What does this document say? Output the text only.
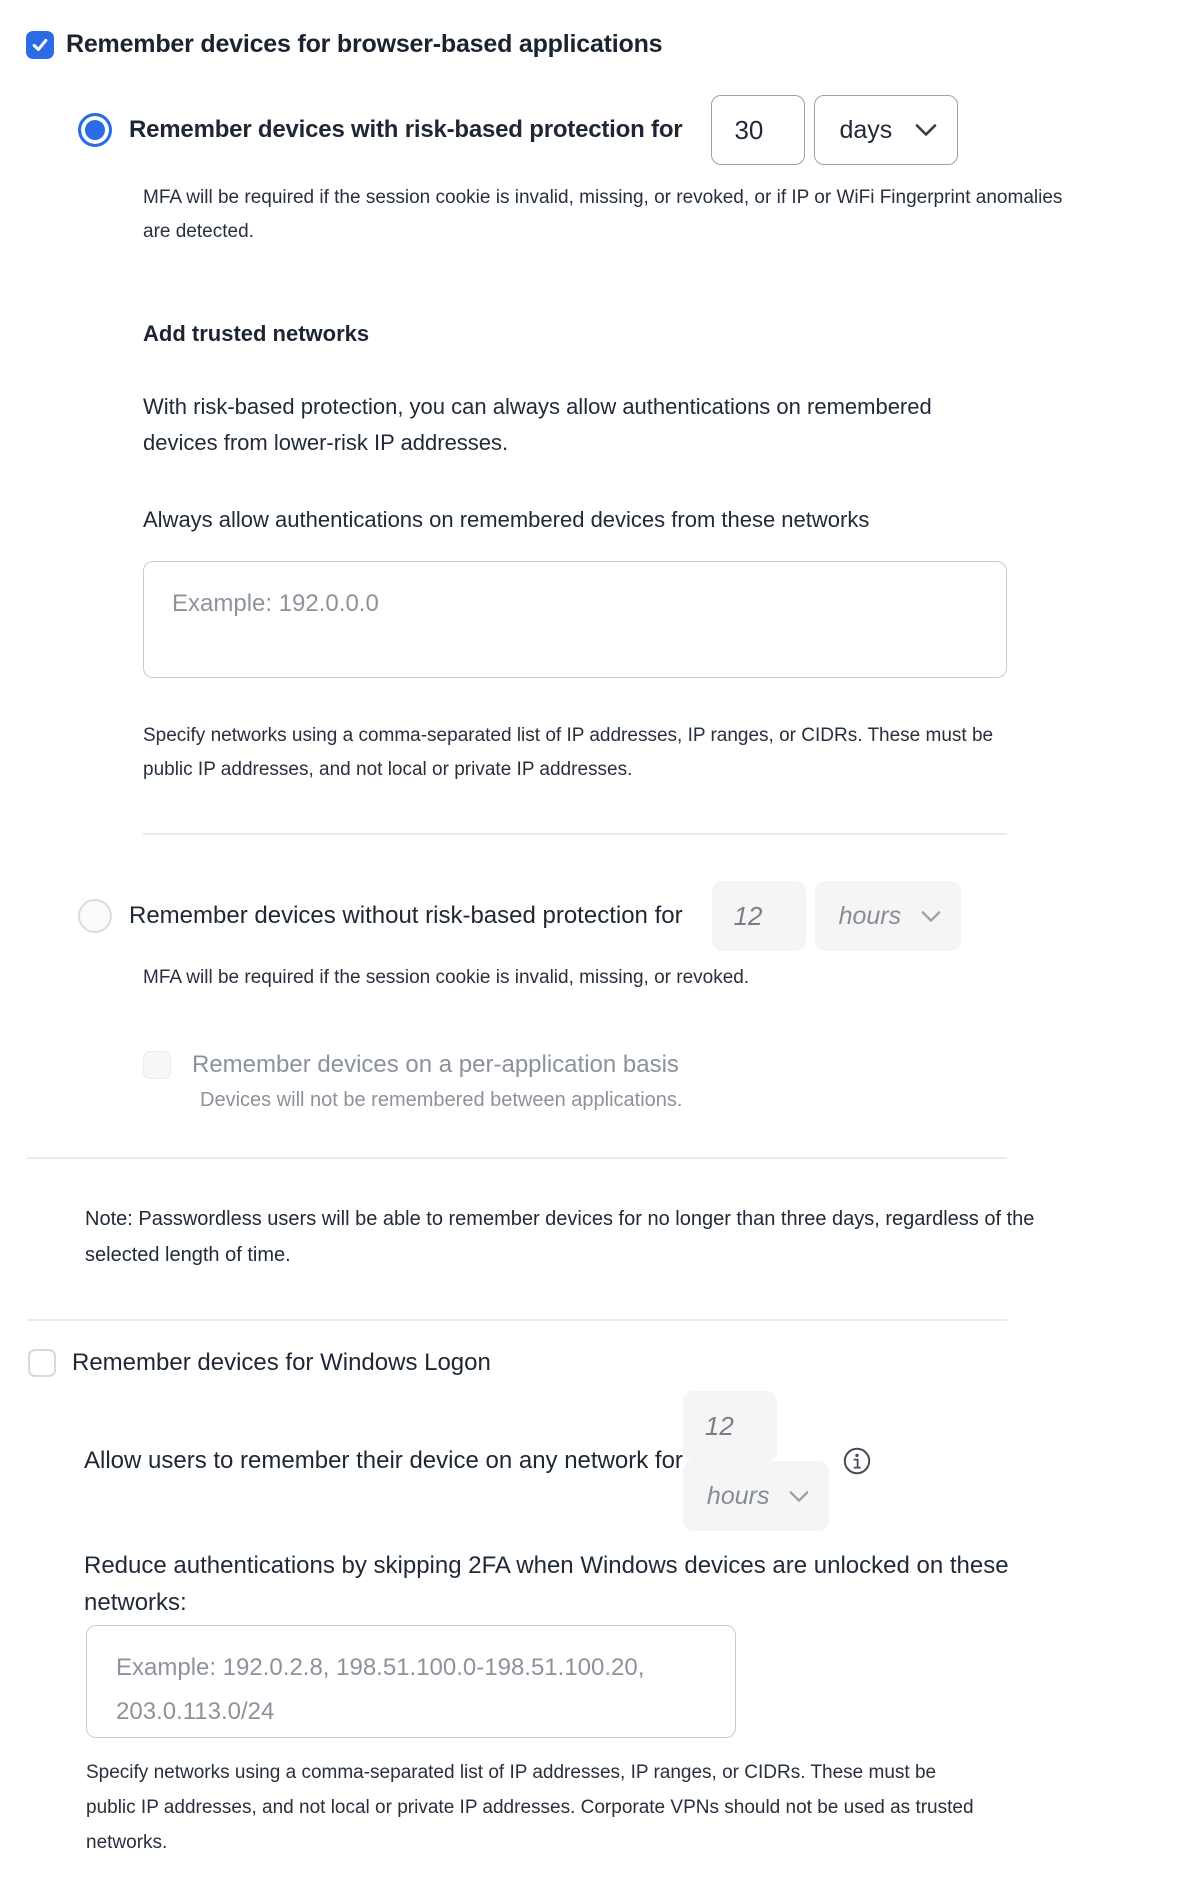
Remember devices for browser-based applications
Remember devices with risk-based protection for
30	days
MFA will be required if the session cookie is invalid, missing, or revoked, or if IP or WiFi Fingerprint anomalies are detected.
Add trusted networks
With risk-based protection, you can always allow authentications on remembered devices from lower-risk IP addresses.
Always allow authentications on remembered devices from these networks
Example: 192.0.0.0
Specify networks using a comma-separated list of IP addresses, IP ranges, or CIDRs. These must be public IP addresses, and not local or private IP addresses.
Remember devices without risk-based protection for
12	hours
MFA will be required if the session cookie is invalid, missing, or revoked.
Remember devices on a per-application basis
Devices will not be remembered between applications.
Note: Passwordless users will be able to remember devices for no longer than three days, regardless of the selected length of time.
Remember devices for Windows Logon
Allow users to remember their device on any network for
12
hours
Reduce authentications by skipping 2FA when Windows devices are unlocked on these networks:
Example: 192.0.2.8, 198.51.100.0-198.51.100.20, 203.0.113.0/24
Specify networks using a comma-separated list of IP addresses, IP ranges, or CIDRs. These must be public IP addresses, and not local or private IP addresses. Corporate VPNs should not be used as trusted networks.
